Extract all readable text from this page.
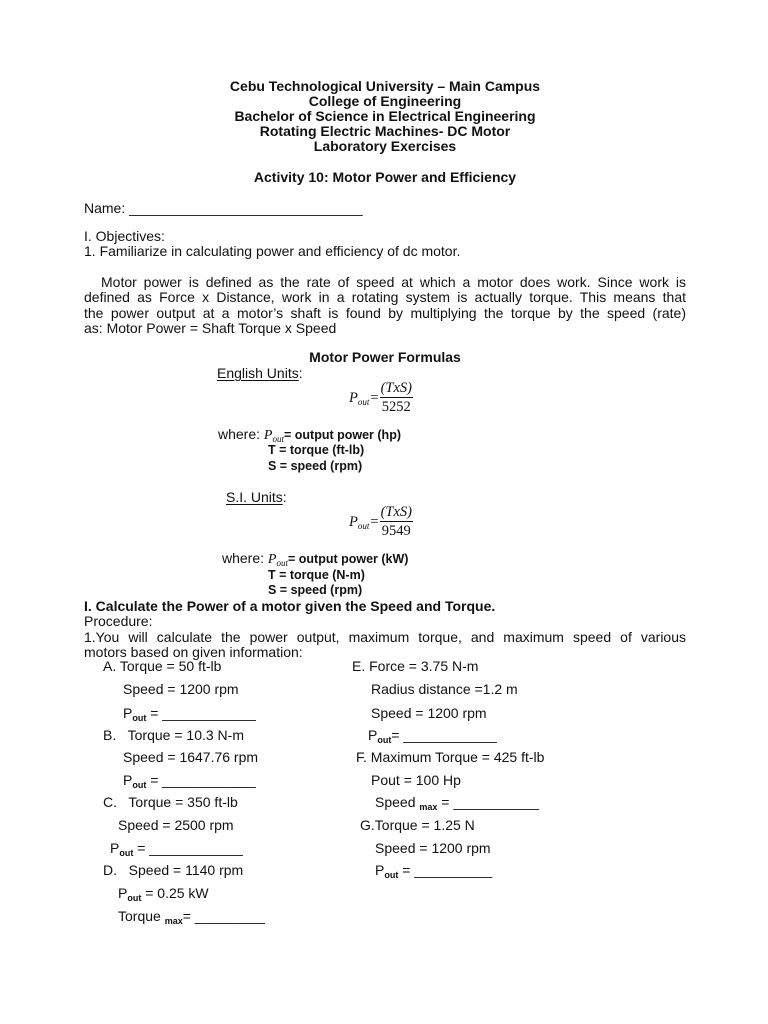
Cebu Technological University – Main Campus
College of Engineering
Bachelor of Science in Electrical Engineering
Rotating Electric Machines- DC Motor
Laboratory Exercises
Activity 10: Motor Power and Efficiency
Name: ______________________________
I. Objectives:
1. Familiarize in calculating power and efficiency of dc motor.
Motor power is defined as the rate of speed at which a motor does work. Since work is
defined as Force x Distance, work in a rotating system is actually torque. This means that
the power output at a motor’s shaft is found by multiplying the torque by the speed (rate)
as: Motor Power = Shaft Torque x Speed
Motor Power Formulas
English Units:
$P_{out} = \frac{\text{(TxS)}}{5252}$
where: $P_{out}=$ output power (hp)
T = torque (ft-lb)
S = speed (rpm)
S.I. Units:
$P_{out} = \frac{\text{(TxS)}}{9549}$
where: $P_{out}=$ output power (kW)
T = torque (N-m)
S = speed (rpm)
I. Calculate the Power of a motor given the Speed and Torque.
Procedure:
1.You will calculate the power output, maximum torque, and maximum speed of various
motors based on given information:
A. Torque = 50 ft-lb
Speed = 1200 rpm
$P_{out}$ = ____________
B.   Torque = 10.3 N-m
Speed = 1647.76 rpm
$P_{out}$ = ____________
C.   Torque = 350 ft-lb
Speed = 2500 rpm
$P_{out}$ = ____________
D.   Speed = 1140 rpm
$P_{out} = 0.25$ kW
Torque $_{max}$= _________
E. Force = 3.75 N-m
Radius distance =1.2 m
Speed = 1200 rpm
$P_{out}=$ ____________
F. Maximum Torque = 425 ft-lb
Pout = 100 Hp
Speed $_{max}$ = ___________
G.Torque = 1.25 N
Speed = 1200 rpm
$P_{out}$ = __________
